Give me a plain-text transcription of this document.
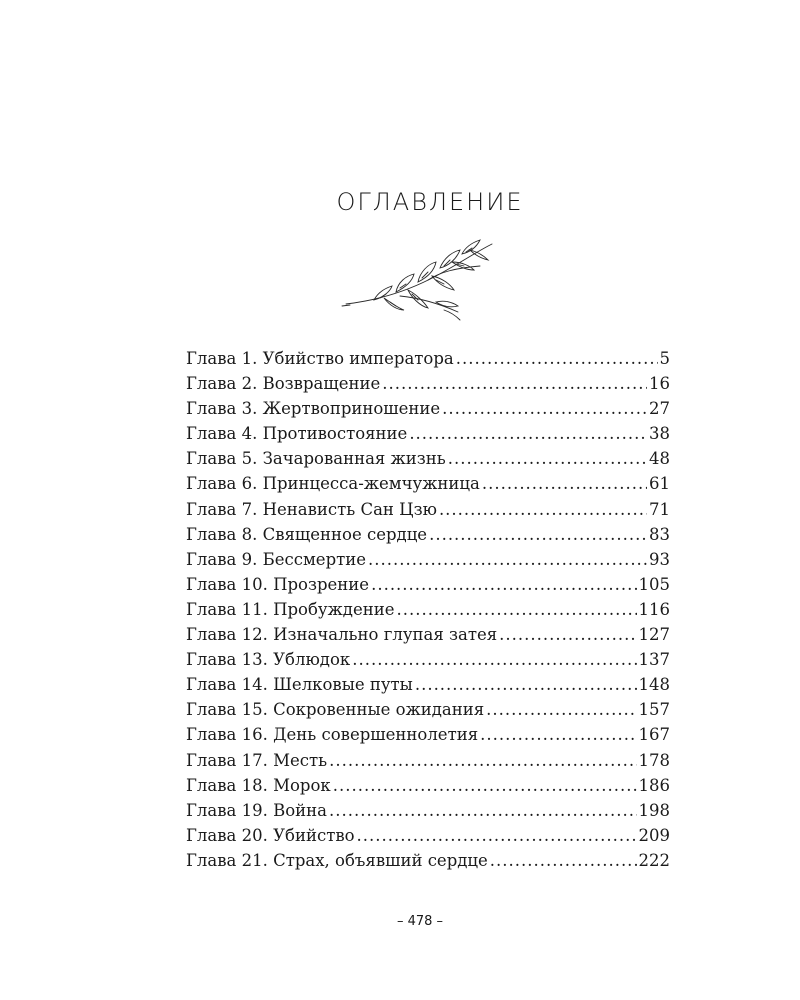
ОГЛАВЛЕНИЕ
Глава 1. Убийство императора .....	5
Глава 2. Возвращение .....	16
Глава 3. Жертвоприношение .....	27
Глава 4. Противостояние .....	38
Глава 5. Зачарованная жизнь .....	48
Глава 6. Принцесса-жемчужница .....	61
Глава 7. Ненависть Сан Цзю .....	71
Глава 8. Священное сердце .....	83
Глава 9. Бессмертие .....	93
Глава 10. Прозрение .....	105
Глава 11. Пробуждение .....	116
Глава 12. Изначально глупая затея .....	127
Глава 13. Ублюдок .....	137
Глава 14. Шелковые путы .....	148
Глава 15. Сокровенные ожидания .....	157
Глава 16. День совершеннолетия .....	167
Глава 17. Месть .....	178
Глава 18. Морок .....	186
Глава 19. Война .....	198
Глава 20. Убийство .....	209
Глава 21. Страх, объявший сердце .....	222
– 478 –
